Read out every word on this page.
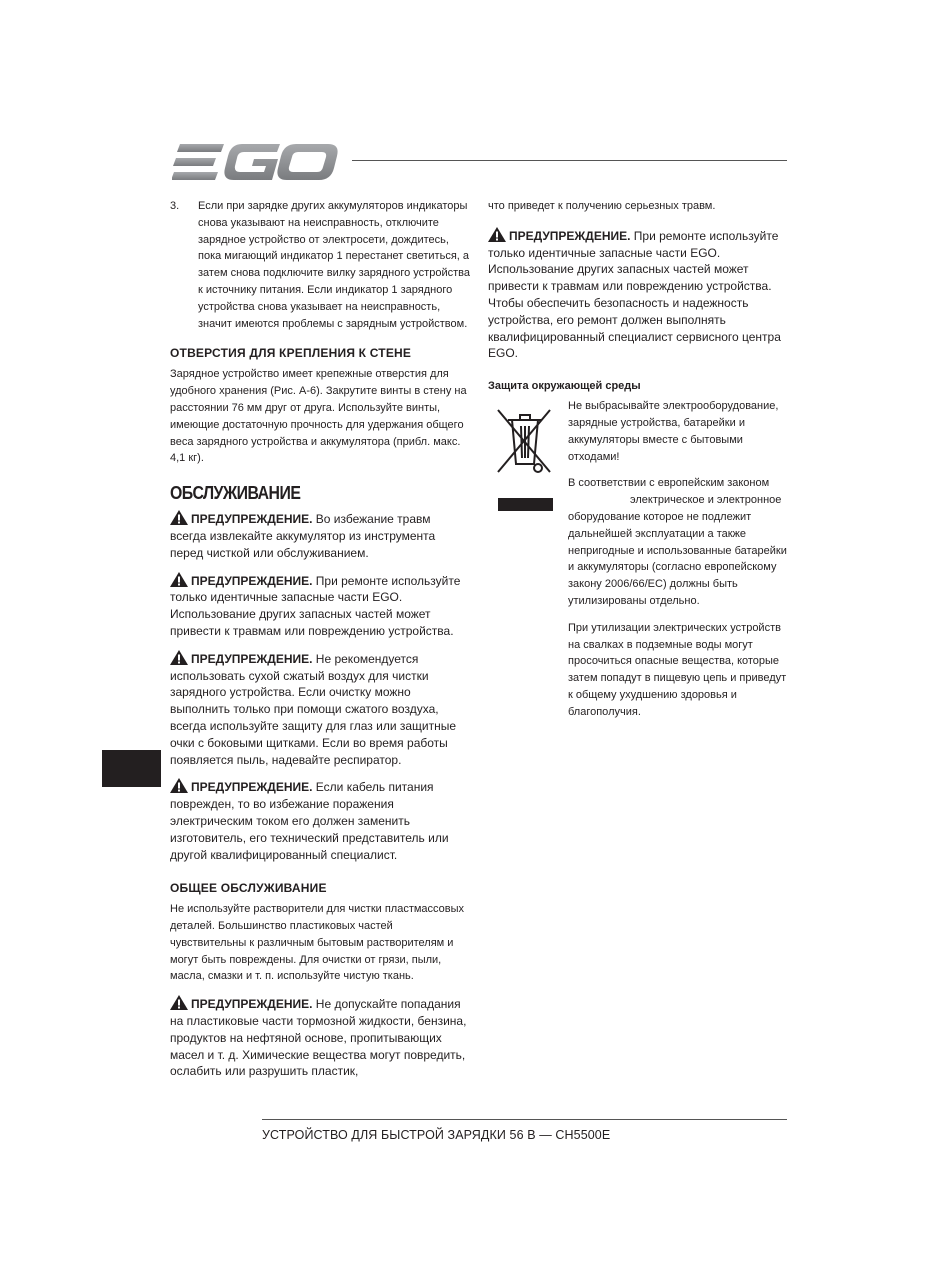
3.	Если при зарядке других аккумуляторов индикаторы снова указывают на неисправность, отключите зарядное устройство от электросети, дождитесь, пока мигающий индикатор 1 перестанет светиться, а затем снова подключите вилку зарядного устройства к источнику питания. Если индикатор 1 зарядного устройства снова указывает на неисправность, значит имеются проблемы с зарядным устройством.
ОТВЕРСТИЯ ДЛЯ КРЕПЛЕНИЯ К СТЕНЕ

Зарядное устройство имеет крепежные отверстия для удобного хранения (Рис. A-6). Закрутите винты в стену на расстоянии 76 мм друг от друга. Используйте винты, имеющие достаточную прочность для удержания общего веса зарядного устройства и аккумулятора (прибл. макс. 4,1 кг).

ОБСЛУЖИВАНИЕ

ПРЕДУПРЕЖДЕНИЕ. Во избежание травм всегда извлекайте аккумулятор из инструмента перед чисткой или обслуживанием.

ПРЕДУПРЕЖДЕНИЕ. При ремонте используйте только идентичные запасные части EGO. Использование других запасных частей может привести к травмам или повреждению устройства.

ПРЕДУПРЕЖДЕНИЕ. Не рекомендуется использовать сухой сжатый воздух для чистки зарядного устройства. Если очистку можно выполнить только при помощи сжатого воздуха, всегда используйте защиту для глаз или защитные очки с боковыми щитками. Если во время работы появляется пыль, надевайте респиратор.

ПРЕДУПРЕЖДЕНИЕ. Если кабель питания поврежден, то во избежание поражения электрическим током его должен заменить изготовитель, его технический представитель или другой квалифицированный специалист.

ОБЩЕЕ ОБСЛУЖИВАНИЕ

Не используйте растворители для чистки пластмассовых деталей. Большинство пластиковых частей чувствительны к различным бытовым растворителям и могут быть повреждены. Для очистки от грязи, пыли, масла, смазки и т. п. используйте чистую ткань.

ПРЕДУПРЕЖДЕНИЕ. Не допускайте попадания на пластиковые части тормозной жидкости, бензина, продуктов на нефтяной основе, пропитывающих масел и т. д. Химические вещества могут повредить, ослабить или разрушить пластик,

что приведет к получению серьезных травм.

ПРЕДУПРЕЖДЕНИЕ. При ремонте используйте только идентичные запасные части EGO. Использование других запасных частей может привести к травмам или повреждению устройства. Чтобы обеспечить безопасность и надежность устройства, его ремонт должен выполнять квалифицированный специалист сервисного центра EGO.

Защита окружающей среды

Не выбрасывайте электрооборудование, зарядные устройства, батарейки и аккумуляторы вместе с бытовыми отходами!

В соответствии с европейским закономэлектрическое и электронное оборудование которое не подлежит дальнейшей эксплуатации а также непригодные и использованные батарейки и аккумуляторы (согласно европейскому закону 2006/66/EC) должны быть утилизированы отдельно.

При утилизации электрических устройств на свалках в подземные воды могут просочиться опасные вещества, которые затем попадут в пищевую цепь и приведут к общему ухудшению здоровья и благополучия.

УСТРОЙСТВО ДЛЯ БЫСТРОЙ ЗАРЯДКИ 56 В — CH5500E
